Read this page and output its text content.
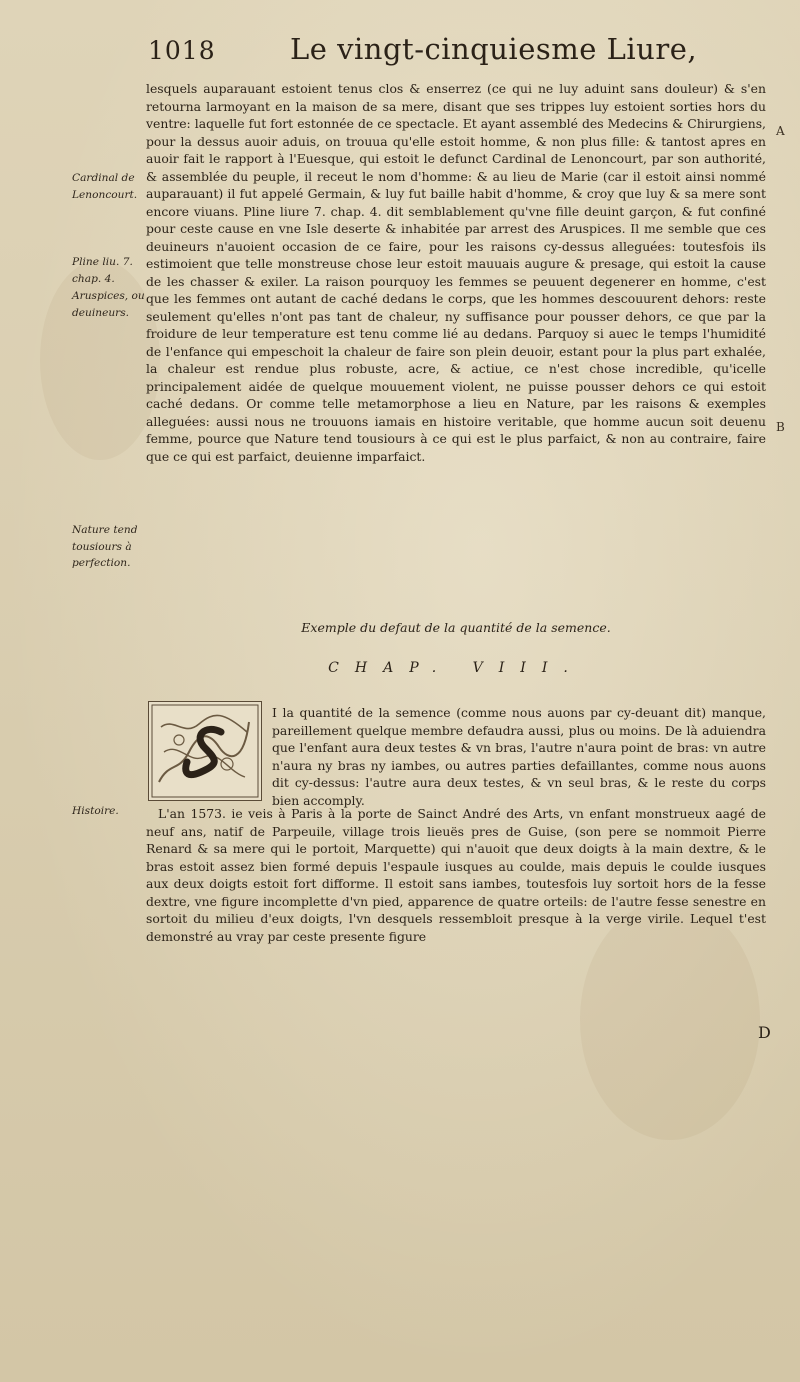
1018	Le vingt-cinquiesme Liure,

lesquels auparauant estoient tenus clos & enserrez (ce qui ne luy aduint sans douleur) & s'en retourna larmoyant en la maison de sa mere, disant que ses trippes luy estoient sorties hors du ventre: laquelle fut fort estonnée de ce spectacle. Et ayant assemblé des Medecins & Chirurgiens, pour la dessus auoir aduis, on trouua qu'elle estoit homme, & non plus fille: & tantost apres en auoir fait le rapport à l'Euesque, qui estoit le defunct Cardinal de Lenoncourt, par son authorité, & assemblée du peuple, il receut le nom d'homme: & au lieu de Marie (car il estoit ainsi nommé auparauant) il fut appelé Germain, & luy fut baille habit d'homme, & croy que luy & sa mere sont encore viuans. Pline liure 7. chap. 4. dit semblablement qu'vne fille deuint garçon, & fut confiné pour ceste cause en vne Isle deserte & inhabitée par arrest des Aruspices. Il me semble que ces deuineurs n'auoient occasion de ce faire, pour les raisons cy-dessus alleguées: toutesfois ils estimoient que telle monstreuse chose leur estoit mauuais augure & presage, qui estoit la cause de les chasser & exiler. La raison pourquoy les femmes se peuuent degenerer en homme, c'est que les femmes ont autant de caché dedans le corps, que les hommes descouurent dehors: reste seulement qu'elles n'ont pas tant de chaleur, ny suffisance pour pousser dehors, ce que par la froidure de leur temperature est tenu comme lié au dedans. Parquoy si auec le temps l'humidité de l'enfance qui empeschoit la chaleur de faire son plein deuoir, estant pour la plus part exhalée, la chaleur est rendue plus robuste, acre, & actiue, ce n'est chose incredible, qu'icelle principalement aidée de quelque mouuement violent, ne puisse pousser dehors ce qui estoit caché dedans. Or comme telle metamorphose a lieu en Nature, par les raisons & exemples alleguées: aussi nous ne trouuons iamais en histoire veritable, que homme aucun soit deuenu femme, pource que Nature tend tousiours à ce qui est le plus parfaict, & non au contraire, faire que ce qui est parfaict, deuienne imparfaict.

Cardinal de Lenoncourt.
Pline liu. 7. chap. 4.
Aruspices, ou deuineurs.
Nature tend tousiours à perfection.
Histoire.
A
B

Exemple du defaut de la quantité de la semence.

CHAP. VIII.

I la quantité de la semence (comme nous auons par cy-deuant dit) manque, pareillement quelque membre defaudra aussi, plus ou moins. De là aduiendra que l'enfant aura deux testes & vn bras, l'autre n'aura point de bras: vn autre n'aura ny bras ny iambes, ou autres parties defaillantes, comme nous auons dit cy-dessus: l'autre aura deux testes, & vn seul bras, & le reste du corps bien accomply.

L'an 1573. ie veis à Paris à la porte de Sainct André des Arts, vn enfant monstrueux aagé de neuf ans, natif de Parpeuile, village trois lieuës pres de Guise, (son pere se nommoit Pierre Renard & sa mere qui le portoit, Marquette) qui n'auoit que deux doigts à la main dextre, & le bras estoit assez bien formé depuis l'espaule iusques au coulde, mais depuis le coulde iusques aux deux doigts estoit fort difforme. Il estoit sans iambes, toutesfois luy sortoit hors de la fesse dextre, vne figure incomplette d'vn pied, apparence de quatre orteils: de l'autre fesse senestre en sortoit du milieu d'eux doigts, l'vn desquels ressembloit presque à la verge virile. Lequel t'est demonstré au vray par ceste presente figure

D
